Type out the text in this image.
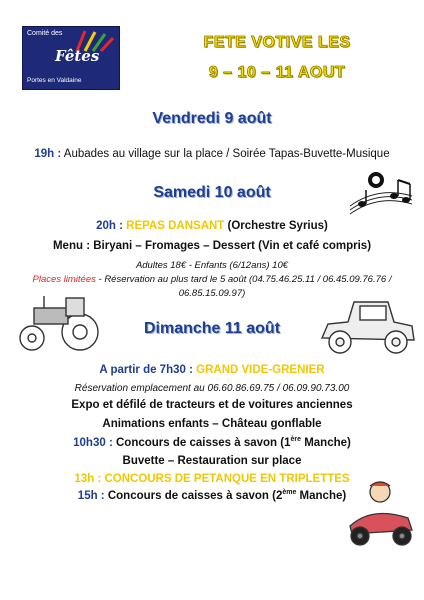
Comité des
Fêtes
Portes en Valdaine
FETE VOTIVE LES
9 – 10 – 11 AOUT
Vendredi 9 août
19h : Aubades au village sur la place / Soirée Tapas-Buvette-Musique
Samedi 10 août
20h : REPAS DANSANT (Orchestre Syrius)
Menu : Biryani – Fromages – Dessert (Vin et café compris)
Adultes 18€ - Enfants (6/12ans) 10€
Places limitées - Réservation au plus tard le 5 août (04.75.46.25.11 / 06.45.09.76.76 /
06.85.15.09.97)
Dimanche 11 août
A partir de 7h30 : GRAND VIDE-GRENIER
Réservation emplacement au 06.60.86.69.75 / 06.09.90.73.00
Expo et défilé de tracteurs et de voitures anciennes
Animations enfants – Château gonflable
10h30 : Concours de caisses à savon (1ère Manche)
Buvette – Restauration sur place
13h : CONCOURS DE PETANQUE EN TRIPLETTES
15h : Concours de caisses à savon (2ème Manche)
